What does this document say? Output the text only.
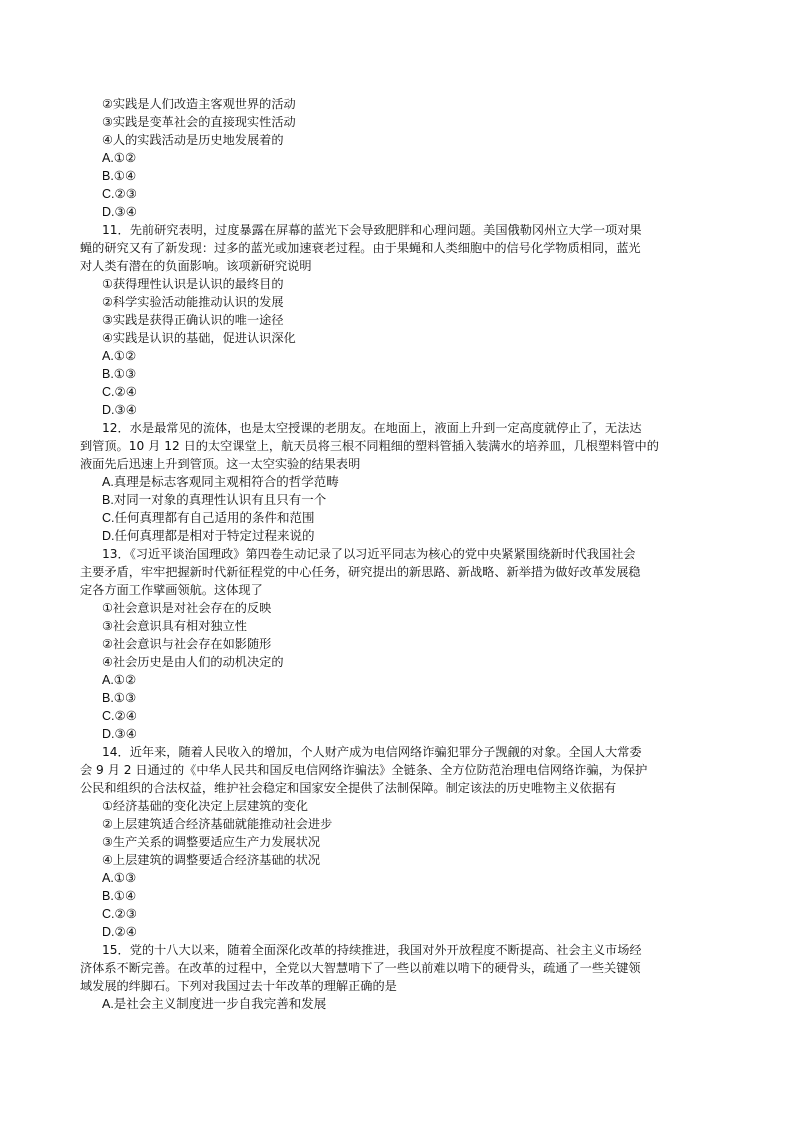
②实践是人们改造主客观世界的活动
③实践是变革社会的直接现实性活动
④人的实践活动是历史地发展着的
A.①②
B.①④
C.②③
D.③④
11．先前研究表明，过度暴露在屏幕的蓝光下会导致肥胖和心理问题。美国俄勒冈州立大学一项对果
蝇的研究又有了新发现：过多的蓝光或加速衰老过程。由于果蝇和人类细胞中的信号化学物质相同，蓝光
对人类有潜在的负面影响。该项新研究说明
①获得理性认识是认识的最终目的
②科学实验活动能推动认识的发展
③实践是获得正确认识的唯一途径
④实践是认识的基础，促进认识深化
A.①②
B.①③
C.②④
D.③④
12．水是最常见的流体，也是太空授课的老朋友。在地面上，液面上升到一定高度就停止了，无法达
到管顶。10 月 12 日的太空课堂上，航天员将三根不同粗细的塑料管插入装满水的培养皿，几根塑料管中的
液面先后迅速上升到管顶。这一太空实验的结果表明
A.真理是标志客观同主观相符合的哲学范畴
B.对同一对象的真理性认识有且只有一个
C.任何真理都有自己适用的条件和范围
D.任何真理都是相对于特定过程来说的
13．《习近平谈治国理政》第四卷生动记录了以习近平同志为核心的党中央紧紧围绕新时代我国社会
主要矛盾，牢牢把握新时代新征程党的中心任务，研究提出的新思路、新战略、新举措为做好改革发展稳
定各方面工作擘画领航。这体现了
①社会意识是对社会存在的反映
③社会意识具有相对独立性
②社会意识与社会存在如影随形
④社会历史是由人们的动机决定的
A.①②
B.①③
C.②④
D.③④
14．近年来，随着人民收入的增加，个人财产成为电信网络诈骗犯罪分子觊觎的对象。全国人大常委
会 9 月 2 日通过的《中华人民共和国反电信网络诈骗法》全链条、全方位防范治理电信网络诈骗，为保护
公民和组织的合法权益，维护社会稳定和国家安全提供了法制保障。制定该法的历史唯物主义依据有
①经济基础的变化决定上层建筑的变化
②上层建筑适合经济基础就能推动社会进步
③生产关系的调整要适应生产力发展状况
④上层建筑的调整要适合经济基础的状况
A.①③
B.①④
C.②③
D.②④
15．党的十八大以来，随着全面深化改革的持续推进，我国对外开放程度不断提高、社会主义市场经
济体系不断完善。在改革的过程中，全党以大智慧啃下了一些以前难以啃下的硬骨头，疏通了一些关键领
域发展的绊脚石。下列对我国过去十年改革的理解正确的是
A.是社会主义制度进一步自我完善和发展
